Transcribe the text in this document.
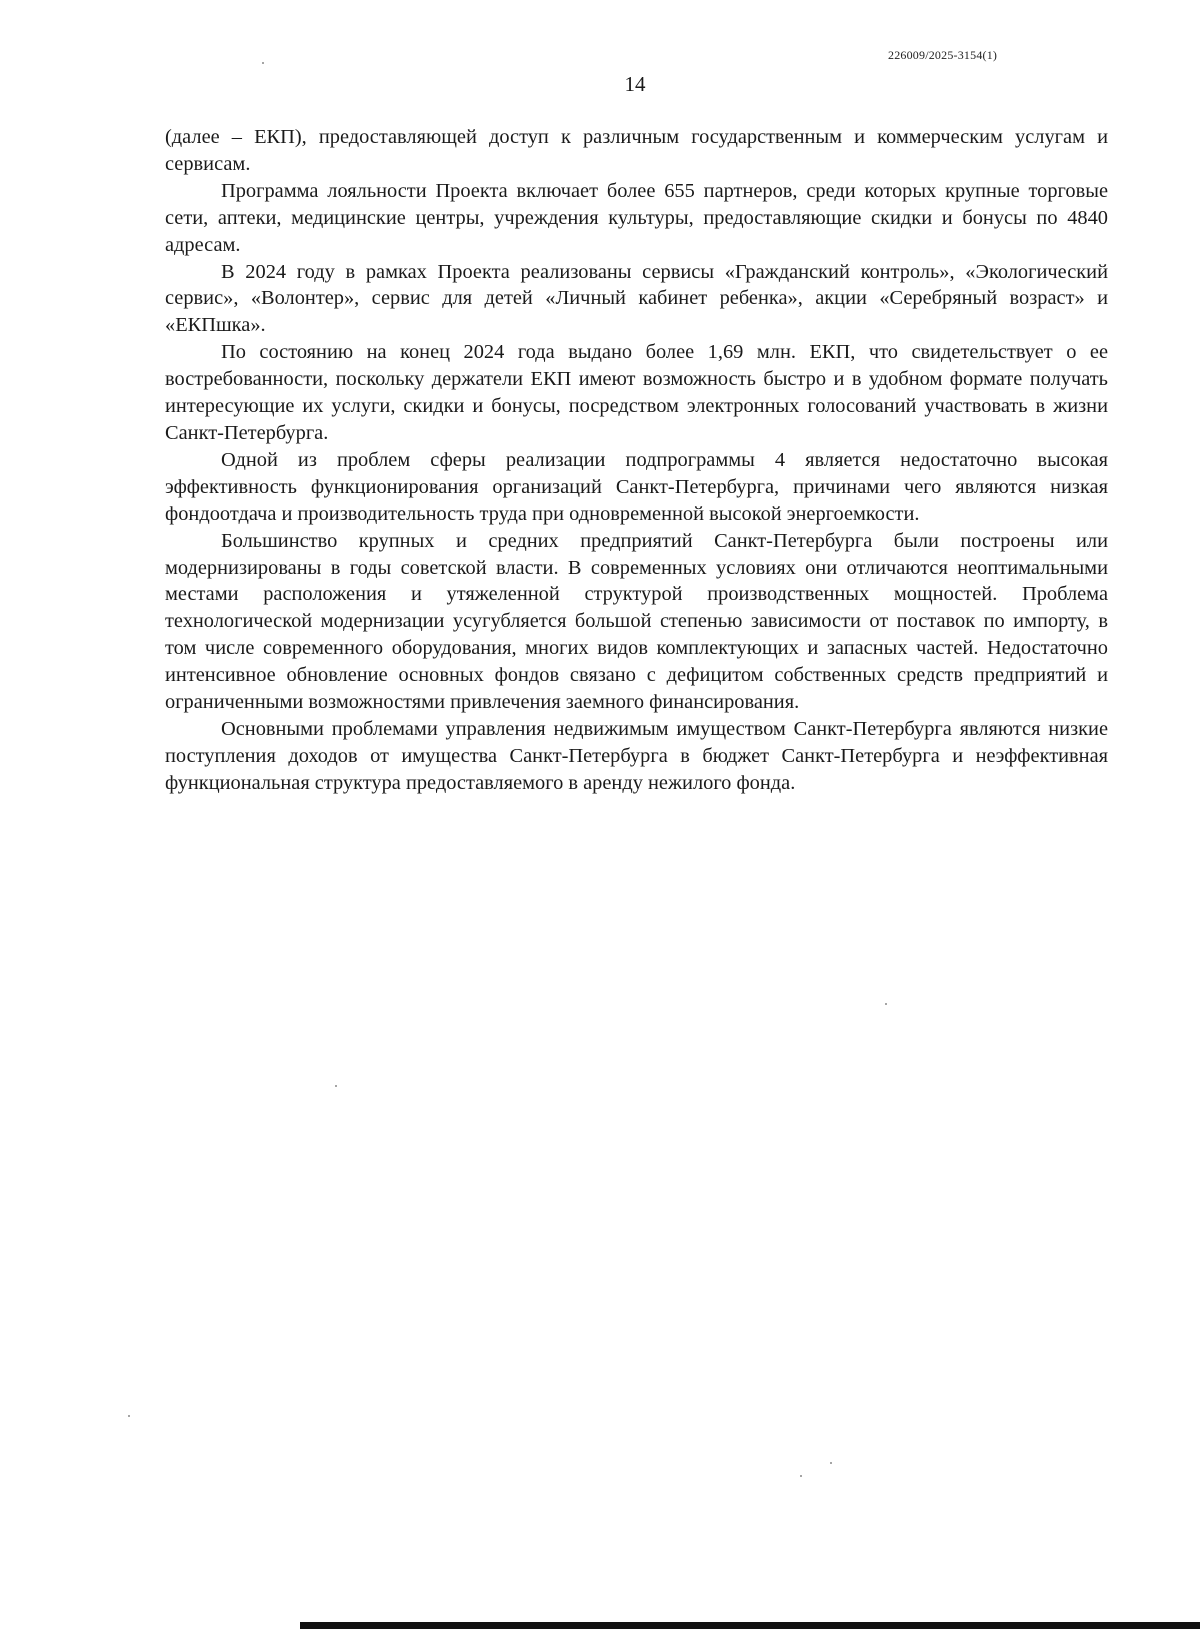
226009/2025-3154(1)
14

(далее – ЕКП), предоставляющей доступ к различным государственным и коммерческим услугам и сервисам.

Программа лояльности Проекта включает более 655 партнеров, среди которых крупные торговые сети, аптеки, медицинские центры, учреждения культуры, предоставляющие скидки и бонусы по 4840 адресам.

В 2024 году в рамках Проекта реализованы сервисы «Гражданский контроль», «Экологический сервис», «Волонтер», сервис для детей «Личный кабинет ребенка», акции «Серебряный возраст» и «ЕКПшка».

По состоянию на конец 2024 года выдано более 1,69 млн. ЕКП, что свидетельствует о ее востребованности, поскольку держатели ЕКП имеют возможность быстро и в удобном формате получать интересующие их услуги, скидки и бонусы, посредством электронных голосований участвовать в жизни Санкт-Петербурга.

Одной из проблем сферы реализации подпрограммы 4 является недостаточно высокая эффективность функционирования организаций Санкт-Петербурга, причинами чего являются низкая фондоотдача и производительность труда при одновременной высокой энергоемкости.

Большинство крупных и средних предприятий Санкт-Петербурга были построены или модернизированы в годы советской власти. В современных условиях они отличаются неоптимальными местами расположения и утяжеленной структурой производственных мощностей. Проблема технологической модернизации усугубляется большой степенью зависимости от поставок по импорту, в том числе современного оборудования, многих видов комплектующих и запасных частей. Недостаточно интенсивное обновление основных фондов связано с дефицитом собственных средств предприятий и ограниченными возможностями привлечения заемного финансирования.

Основными проблемами управления недвижимым имуществом Санкт-Петербурга являются низкие поступления доходов от имущества Санкт-Петербурга в бюджет Санкт-Петербурга и неэффективная функциональная структура предоставляемого в аренду нежилого фонда.
